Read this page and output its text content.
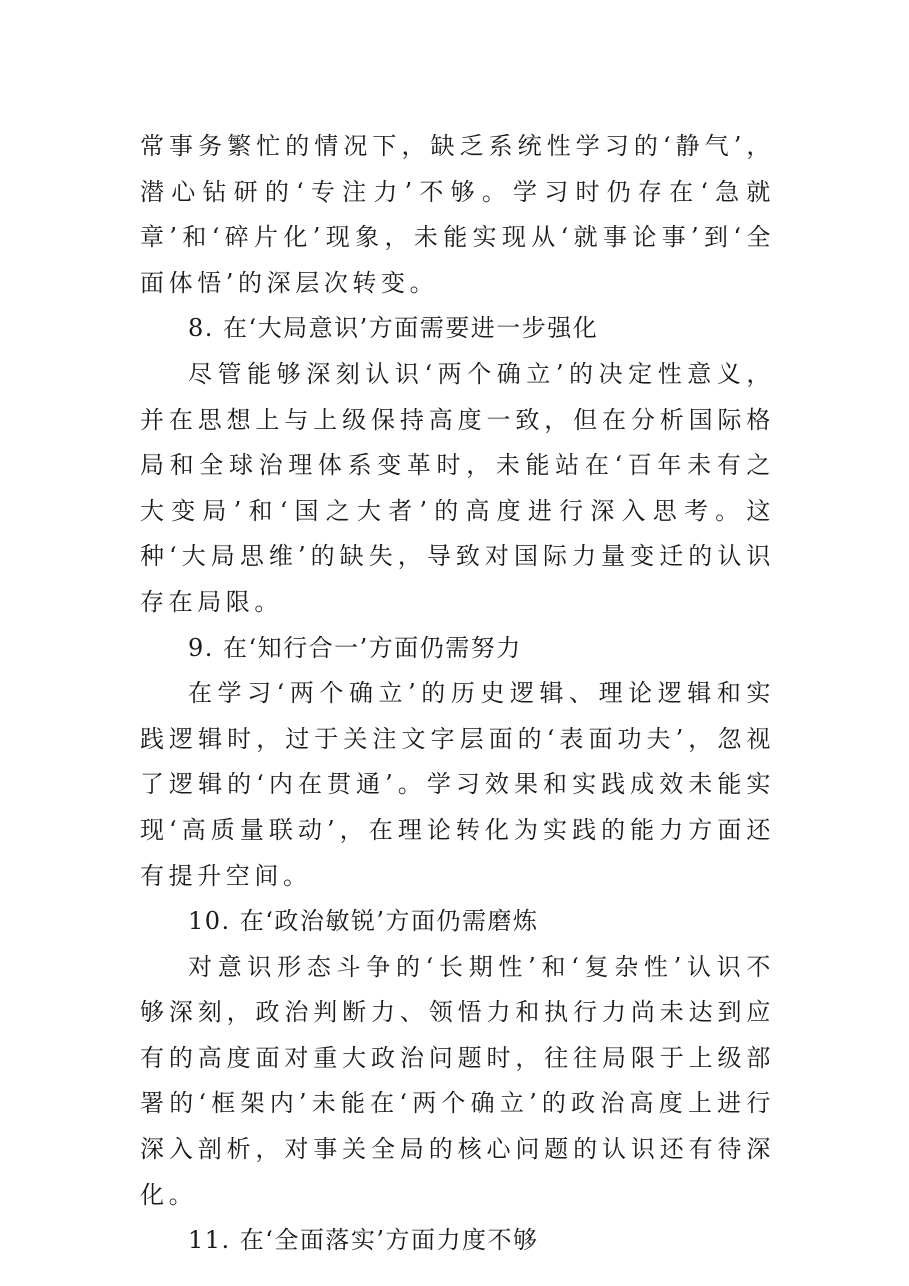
常事务繁忙的情况下，缺乏系统性学习的‘静气’，潜心钻研的‘专注力’不够。学习时仍存在‘急就章’和‘碎片化’现象，未能实现从‘就事论事’到‘全面体悟’的深层次转变。

8. 在‘大局意识’方面需要进一步强化

尽管能够深刻认识‘两个确立’的决定性意义，并在思想上与上级保持高度一致，但在分析国际格局和全球治理体系变革时，未能站在‘百年未有之大变局’和‘国之大者’的高度进行深入思考。这种‘大局思维’的缺失，导致对国际力量变迁的认识存在局限。

9. 在‘知行合一’方面仍需努力

在学习‘两个确立’的历史逻辑、理论逻辑和实践逻辑时，过于关注文字层面的‘表面功夫’，忽视了逻辑的‘内在贯通’。学习效果和实践成效未能实现‘高质量联动’，在理论转化为实践的能力方面还有提升空间。

10. 在‘政治敏锐’方面仍需磨炼

对意识形态斗争的‘长期性’和‘复杂性’认识不够深刻，政治判断力、领悟力和执行力尚未达到应有的高度面对重大政治问题时，往往局限于上级部署的‘框架内’未能在‘两个确立’的政治高度上进行深入剖析，对事关全局的核心问题的认识还有待深化。

11. 在‘全面落实’方面力度不够
